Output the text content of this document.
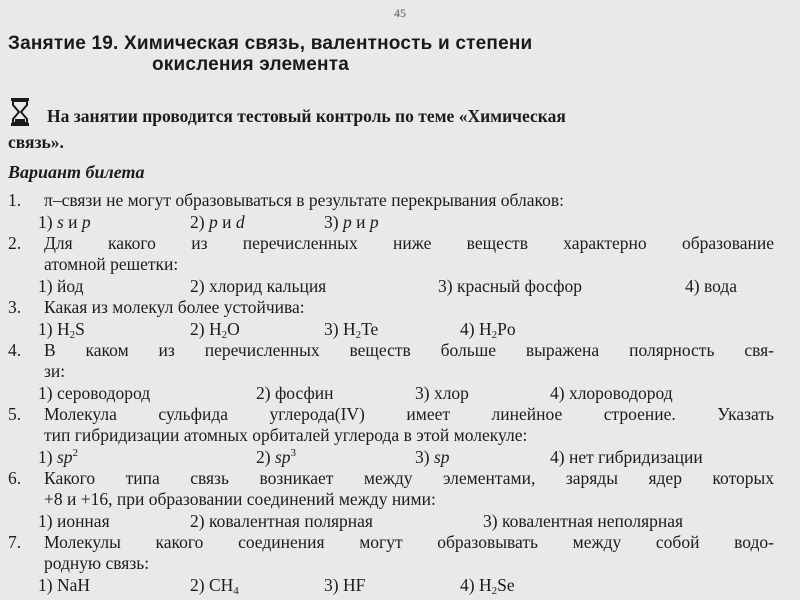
45
Занятие 19. Химическая связь, валентность и степени
окисления элемента
На занятии проводится тестовый контроль по теме «Химическая
связь».
Вариант билета
1. π–связи не могут образовываться в результате перекрывания облаков:
1) s и p	2) p и d	3) p и p
2. Для какого из перечисленных ниже веществ характерно образование
атомной решетки:
1) йод	2) хлорид кальция	3) красный фосфор	4) вода
3. Какая из молекул более устойчива:
1) $H_2S$	2) $H_2O$	3) $H_2Te$	4) $H_2Po$
4. В каком из перечисленных веществ больше выражена полярность свя-
зи:
1) сероводород	2) фосфин	3) хлор	4) хлороводород
5. Молекула сульфида углерода(IV) имеет линейное строение. Указать
тип гибридизации атомных орбиталей углерода в этой молекуле:
1) $sp^2$	2) $sp^3$	3) sp	4) нет гибридизации
6. Какого типа связь возникает между элементами, заряды ядер которых
+8 и +16, при образовании соединений между ними:
1) ионная	2) ковалентная полярная	3) ковалентная неполярная
7. Молекулы какого соединения могут образовывать между собой водо-
родную связь:
1) NaH	2) $CH_4$	3) HF	4) $H_2Se$
